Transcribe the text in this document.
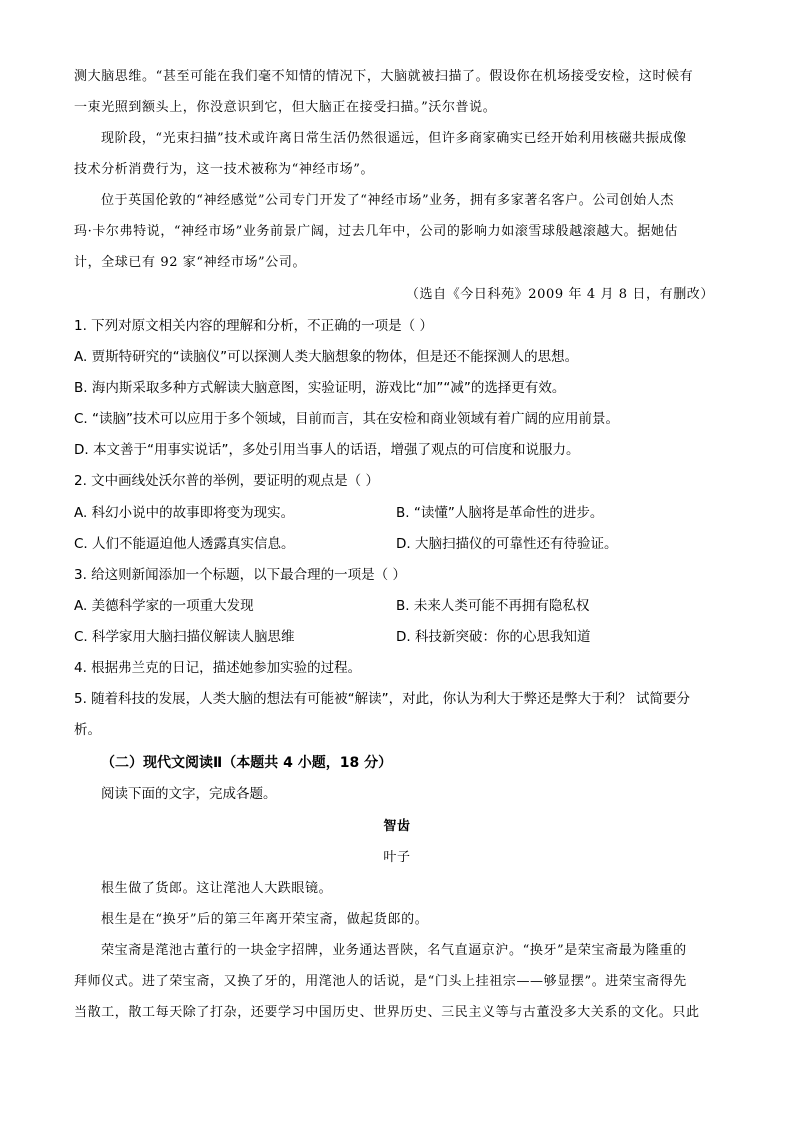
测大脑思维。“甚至可能在我们毫不知情的情况下，大脑就被扫描了。假设你在机场接受安检，这时候有
一束光照到额头上，你没意识到它，但大脑正在接受扫描。”沃尔普说。
现阶段，“光束扫描”技术或许离日常生活仍然很遥远，但许多商家确实已经开始利用核磁共振成像
技术分析消费行为，这一技术被称为“神经市场”。
位于英国伦敦的“神经感觉”公司专门开发了“神经市场”业务，拥有多家著名客户。公司创始人杰
玛·卡尔弗特说，“神经市场”业务前景广阔，过去几年中，公司的影响力如滚雪球般越滚越大。据她估
计，全球已有 92 家“神经市场”公司。
（选自《今日科苑》2009 年 4 月 8 日，有删改）
1. 下列对原文相关内容的理解和分析，不正确的一项是（ ）
A. 贾斯特研究的“读脑仪”可以探测人类大脑想象的物体，但是还不能探测人的思想。
B. 海内斯采取多种方式解读大脑意图，实验证明，游戏比“加”“减”的选择更有效。
C. “读脑”技术可以应用于多个领域，目前而言，其在安检和商业领域有着广阔的应用前景。
D. 本文善于“用事实说话”，多处引用当事人的话语，增强了观点的可信度和说服力。
2. 文中画线处沃尔普的举例，要证明的观点是（ ）
A. 科幻小说中的故事即将变为现实。	B. “读懂”人脑将是革命性的进步。
C. 人们不能逼迫他人透露真实信息。	D. 大脑扫描仪的可靠性还有待验证。
3. 给这则新闻添加一个标题，以下最合理的一项是（ ）
A. 美德科学家的一项重大发现	B. 未来人类可能不再拥有隐私权
C. 科学家用大脑扫描仪解读人脑思维	D. 科技新突破：你的心思我知道
4. 根据弗兰克的日记，描述她参加实验的过程。
5. 随着科技的发展，人类大脑的想法有可能被“解读”，对此，你认为利大于弊还是弊大于利？ 试简要分
析。
（二）现代文阅读Ⅱ（本题共 4 小题，18 分）
阅读下面的文字，完成各题。
智齿
叶子
根生做了货郎。这让滗池人大跌眼镜。
根生是在“换牙”后的第三年离开荣宝斋，做起货郎的。
荣宝斋是滗池古董行的一块金字招牌，业务通达晋陕，名气直逼京沪。“换牙”是荣宝斋最为隆重的
拜师仪式。进了荣宝斋，又换了牙的，用滗池人的话说，是“门头上挂祖宗——够显摆”。进荣宝斋得先
当散工，散工每天除了打杂，还要学习中国历史、世界历史、三民主义等与古董没多大关系的文化。只此
